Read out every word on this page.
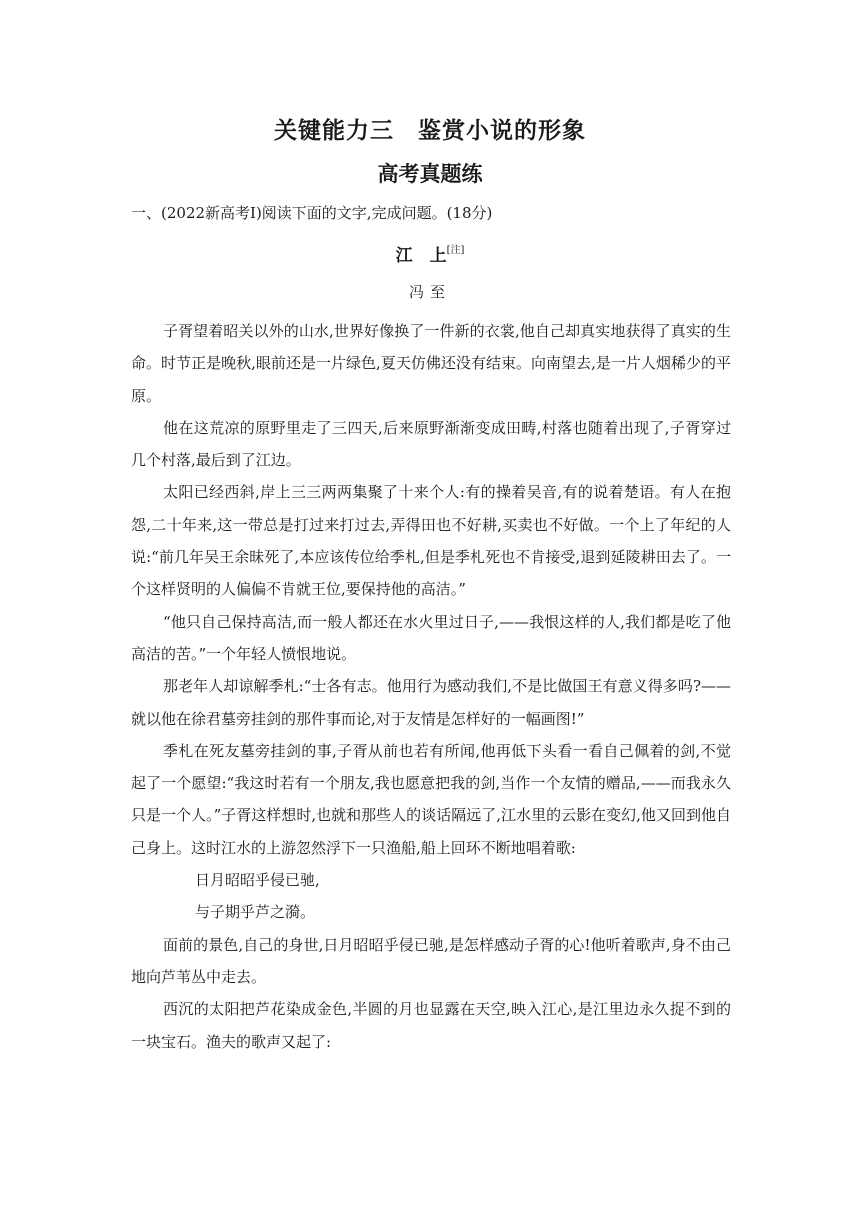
关键能力三　鉴赏小说的形象
高考真题练
一、(2022新高考Ⅰ)阅读下面的文字,完成问题。(18分)
江　上[注]
冯至

子胥望着昭关以外的山水,世界好像换了一件新的衣裳,他自己却真实地获得了真实的生命。时节正是晚秋,眼前还是一片绿色,夏天仿佛还没有结束。向南望去,是一片人烟稀少的平原。

他在这荒凉的原野里走了三四天,后来原野渐渐变成田畴,村落也随着出现了,子胥穿过几个村落,最后到了江边。

太阳已经西斜,岸上三三两两集聚了十来个人:有的操着吴音,有的说着楚语。有人在抱怨,二十年来,这一带总是打过来打过去,弄得田也不好耕,买卖也不好做。一个上了年纪的人说:“前几年吴王余昧死了,本应该传位给季札,但是季札死也不肯接受,退到延陵耕田去了。一个这样贤明的人偏偏不肯就王位,要保持他的高洁。”

“他只自己保持高洁,而一般人都还在水火里过日子,——我恨这样的人,我们都是吃了他高洁的苦。”一个年轻人愤恨地说。

那老年人却谅解季札:“士各有志。他用行为感动我们,不是比做国王有意义得多吗?——就以他在徐君墓旁挂剑的那件事而论,对于友情是怎样好的一幅画图!”

季札在死友墓旁挂剑的事,子胥从前也若有所闻,他再低下头看一看自己佩着的剑,不觉起了一个愿望:“我这时若有一个朋友,我也愿意把我的剑,当作一个友情的赠品,——而我永久只是一个人。”子胥这样想时,也就和那些人的谈话隔远了,江水里的云影在变幻,他又回到他自己身上。这时江水的上游忽然浮下一只渔船,船上回环不断地唱着歌:

日月昭昭乎侵已驰,

与子期乎芦之漪。

面前的景色,自己的身世,日月昭昭乎侵已驰,是怎样感动子胥的心!他听着歌声,身不由己地向芦苇丛中走去。

西沉的太阳把芦花染成金色,半圆的月也显露在天空,映入江心,是江里边永久捉不到的一块宝石。渔夫的歌声又起了:
